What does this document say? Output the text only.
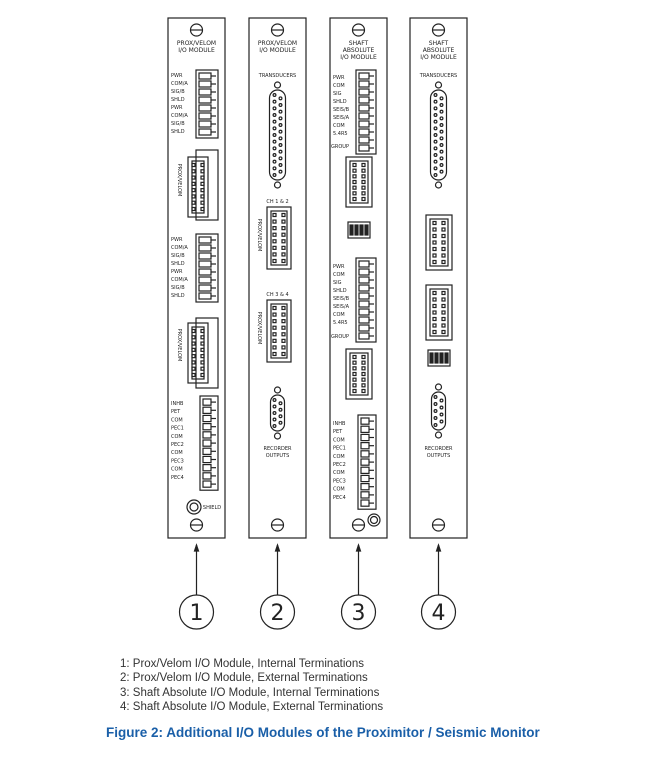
PROX/VELOM
I/O MODULE
1
PROX/VELOM
I/O MODULE
2
SHAFT
ABSOLUTE
I/O MODULE
3
SHAFT
ABSOLUTE
I/O MODULE
4
PWR
COM/A
SIG/B
SHLD
PWR
COM/A
SIG/B
SHLD
PROX/VELOM
PWR
COM/A
SIG/B
SHLD
PWR
COM/A
SIG/B
SHLD
PROX/VELOM
INHB
PET
COM
PEC1
COM
PEC2
COM
PEC3
COM
PEC4
SHIELD
TRANSDUCERS
CH 1 & 2
PROX/VELOM
CH 3 & 4
PROX/VELOM
RECORDER
OUTPUTS
PWR
COM
SIG
SHLD
SEIS/B
SEIS/A
COM
5.4R5
GROUP
PWR
COM
SIG
SHLD
SEIS/B
SEIS/A
COM
5.4R5
GROUP
INHB
PET
COM
PEC1
COM
PEC2
COM
PEC3
COM
PEC4
TRANSDUCERS
RECORDER
OUTPUTS
1: Prox/Velom I/O Module, Internal Terminations
2: Prox/Velom I/O Module, External Terminations
3: Shaft Absolute I/O Module, Internal Terminations
4: Shaft Absolute I/O Module, External Terminations
Figure 2: Additional I/O Modules of the Proximitor / Seismic Monitor
